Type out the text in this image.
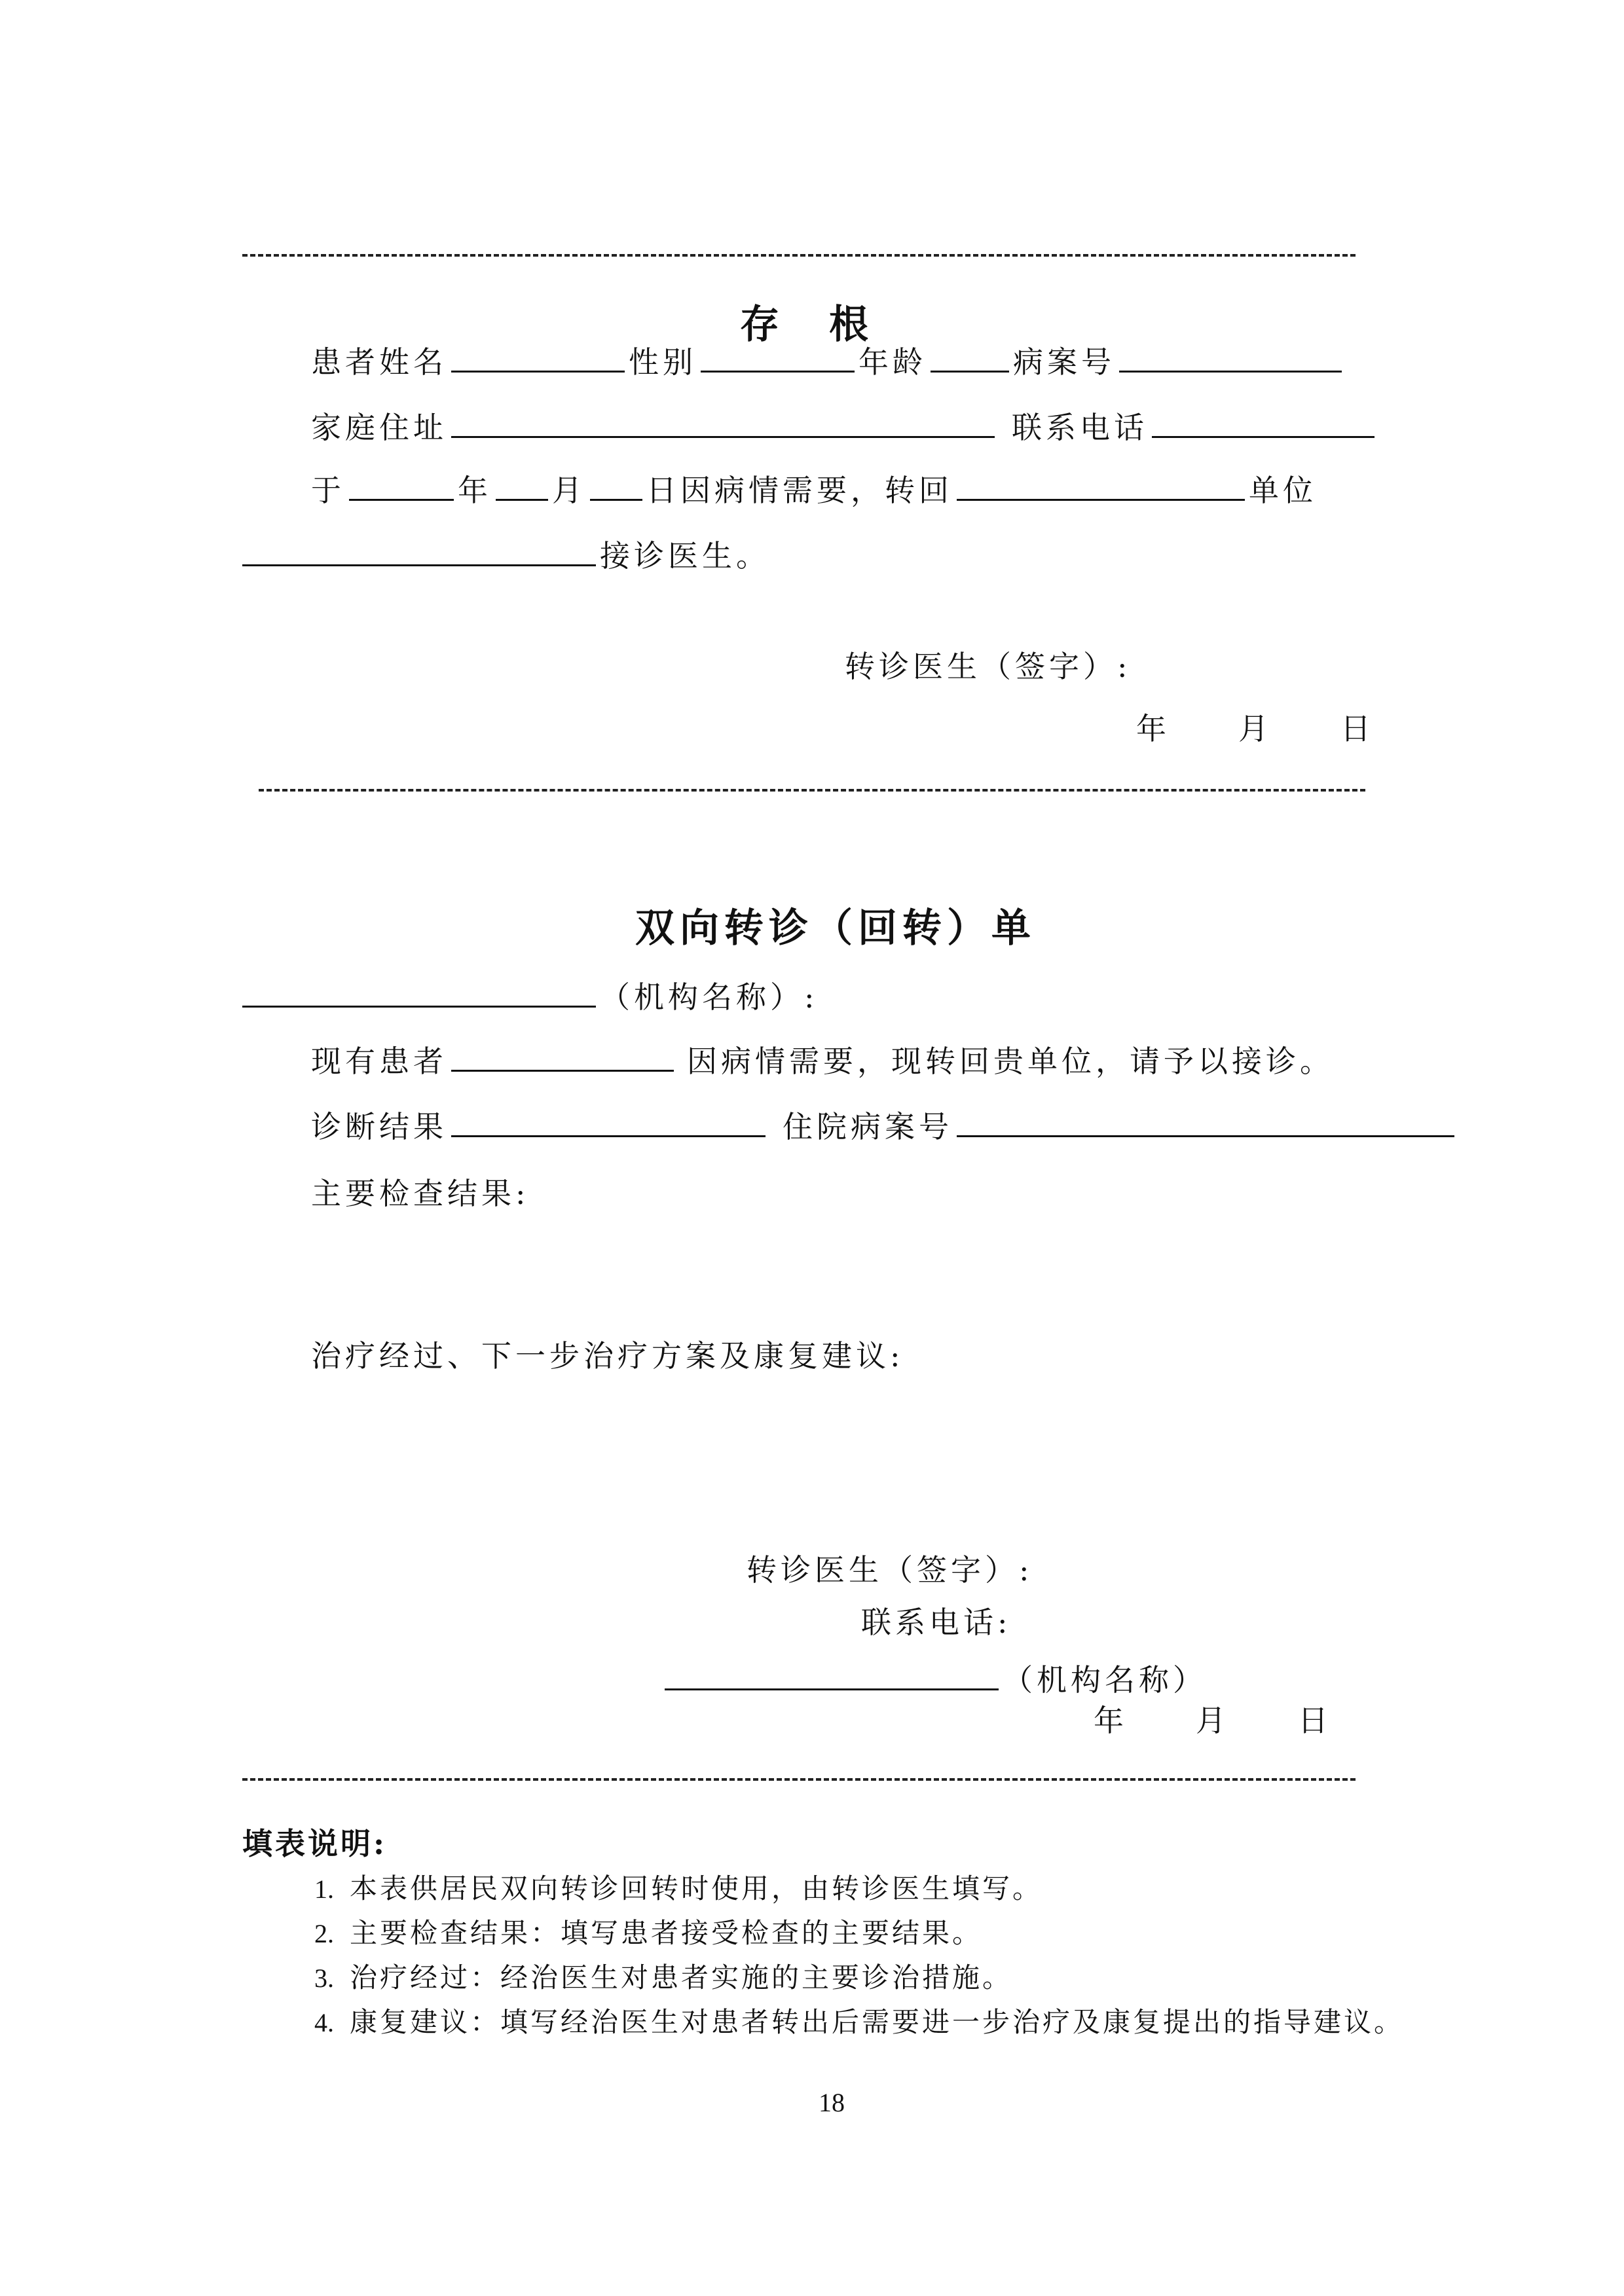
存　根
患者姓名	性别	年龄	病案号
家庭住址	联系电话
于	年 月 日因病情需要，转回	单位
接诊医生。
转诊医生（签字）:
年　　月　　日
双向转诊（回转）单
（机构名称）:
现有患者	因病情需要，现转回贵单位，请予以接诊。
诊断结果	住院病案号
主要检查结果:
治疗经过、下一步治疗方案及康复建议:
转诊医生（签字）:
联系电话:
（机构名称）
年　　月　　日
填表说明:
1. 本表供居民双向转诊回转时使用，由转诊医生填写。
2. 主要检查结果：填写患者接受检查的主要结果。
3. 治疗经过：经治医生对患者实施的主要诊治措施。
4. 康复建议：填写经治医生对患者转出后需要进一步治疗及康复提出的指导建议。
18
